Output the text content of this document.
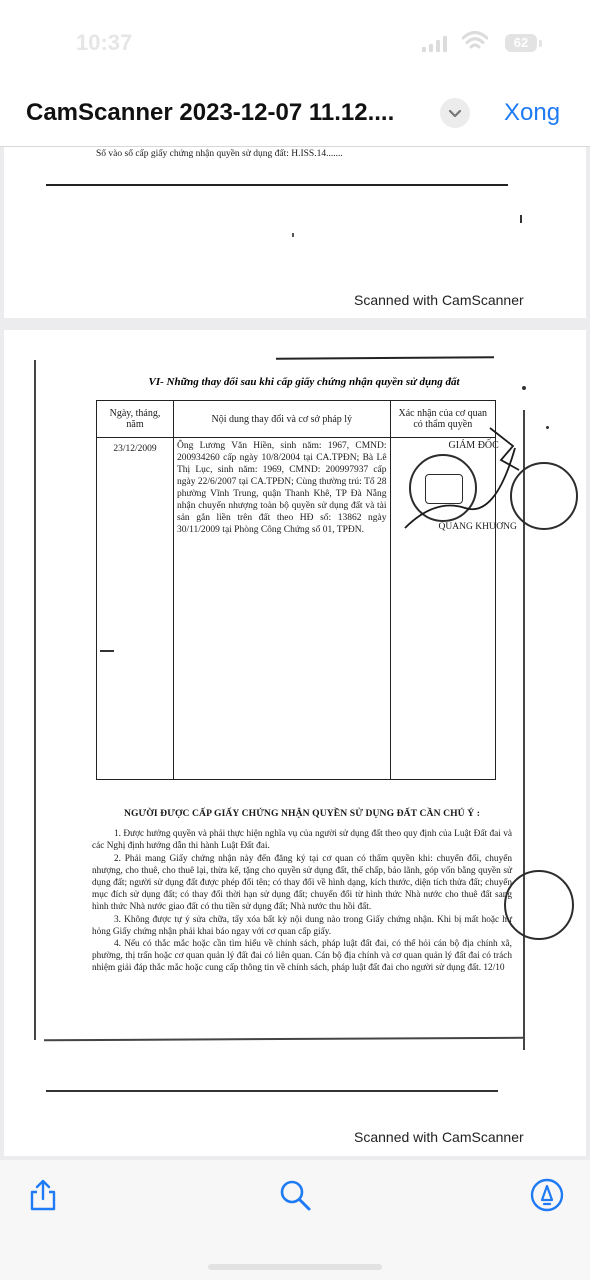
10:37	62
CamScanner 2023-12-07 11.12....	Xong
Số vào sổ cấp giấy chứng nhận quyền sử dụng đất: H.ISS.14.......
Scanned with CamScanner
VI- Những thay đổi sau khi cấp giấy chứng nhận quyền sử dụng đất
Ngày, tháng, năm	Nội dung thay đổi và cơ sở pháp lý	Xác nhận của cơ quan có thẩm quyền
23/12/2009	Ông Lương Văn Hiền, sinh năm: 1967, CMND: 200934260 cấp ngày 10/8/2004 tại CA.TPĐN; Bà Lê Thị Lục, sinh năm: 1969, CMND: 200997937 cấp ngày 22/6/2007 tại CA.TPĐN; Cùng thường trú: Tổ 28 phường Vĩnh Trung, quận Thanh Khê, TP Đà Nẵng nhận chuyển nhượng toàn bộ quyền sử dụng đất và tài sản gắn liền trên đất theo HĐ số: 13862 ngày 30/11/2009 tại Phòng Công Chứng số 01, TPĐN.	GIÁM ĐỐC
QUANG KHƯƠNG
NGƯỜI ĐƯỢC CẤP GIẤY CHỨNG NHẬN QUYỀN SỬ DỤNG ĐẤT CẦN CHÚ Ý :

1. Được hưởng quyền và phải thực hiện nghĩa vụ của người sử dụng đất theo quy định của Luật Đất đai và các Nghị định hướng dẫn thi hành Luật Đất đai.

2. Phải mang Giấy chứng nhận này đến đăng ký tại cơ quan có thẩm quyền khi: chuyển đổi, chuyển nhượng, cho thuê, cho thuê lại, thừa kế, tặng cho quyền sử dụng đất, thế chấp, bảo lãnh, góp vốn bằng quyền sử dụng đất; người sử dụng đất được phép đổi tên; có thay đổi về hình dạng, kích thước, diện tích thửa đất; chuyển mục đích sử dụng đất; có thay đổi thời hạn sử dụng đất; chuyển đổi từ hình thức Nhà nước cho thuê đất sang hình thức Nhà nước giao đất có thu tiền sử dụng đất; Nhà nước thu hồi đất.

3. Không được tự ý sửa chữa, tẩy xóa bất kỳ nội dung nào trong Giấy chứng nhận. Khi bị mất hoặc hư hỏng Giấy chứng nhận phải khai báo ngay với cơ quan cấp giấy.

4. Nếu có thắc mắc hoặc cần tìm hiểu về chính sách, pháp luật đất đai, có thể hỏi cán bộ địa chính xã, phường, thị trấn hoặc cơ quan quản lý đất đai có liên quan. Cán bộ địa chính và cơ quan quản lý đất đai có trách nhiệm giải đáp thắc mắc hoặc cung cấp thông tin về chính sách, pháp luật đất đai cho người sử dụng đất. 12/10

Scanned with CamScanner
